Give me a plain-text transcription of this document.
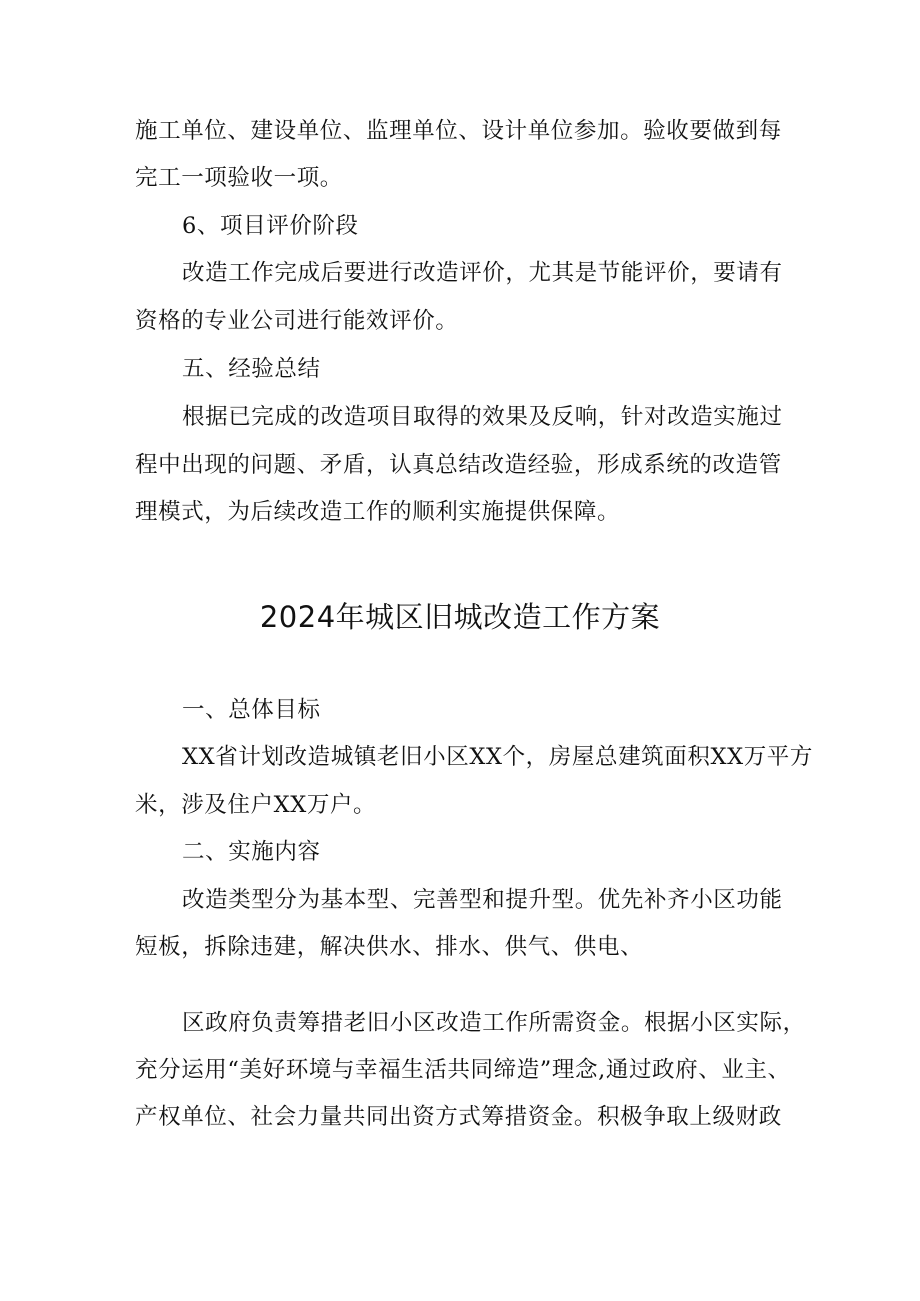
施工单位、建设单位、监理单位、设计单位参加。验收要做到每
完工一项验收一项。
6、项目评价阶段
改造工作完成后要进行改造评价，尤其是节能评价，要请有
资格的专业公司进行能效评价。
五、经验总结
根据已完成的改造项目取得的效果及反响，针对改造实施过
程中出现的问题、矛盾，认真总结改造经验，形成系统的改造管
理模式，为后续改造工作的顺利实施提供保障。
2024年城区旧城改造工作方案
一、总体目标
XX省计划改造城镇老旧小区XX个，房屋总建筑面积XX万平方
米，涉及住户XX万户。
二、实施内容
改造类型分为基本型、完善型和提升型。优先补齐小区功能
短板，拆除违建，解决供水、排水、供气、供电、
区政府负责筹措老旧小区改造工作所需资金。根据小区实际，
充分运用“美好环境与幸福生活共同缔造”理念,通过政府、业主、
产权单位、社会力量共同出资方式筹措资金。积极争取上级财政
